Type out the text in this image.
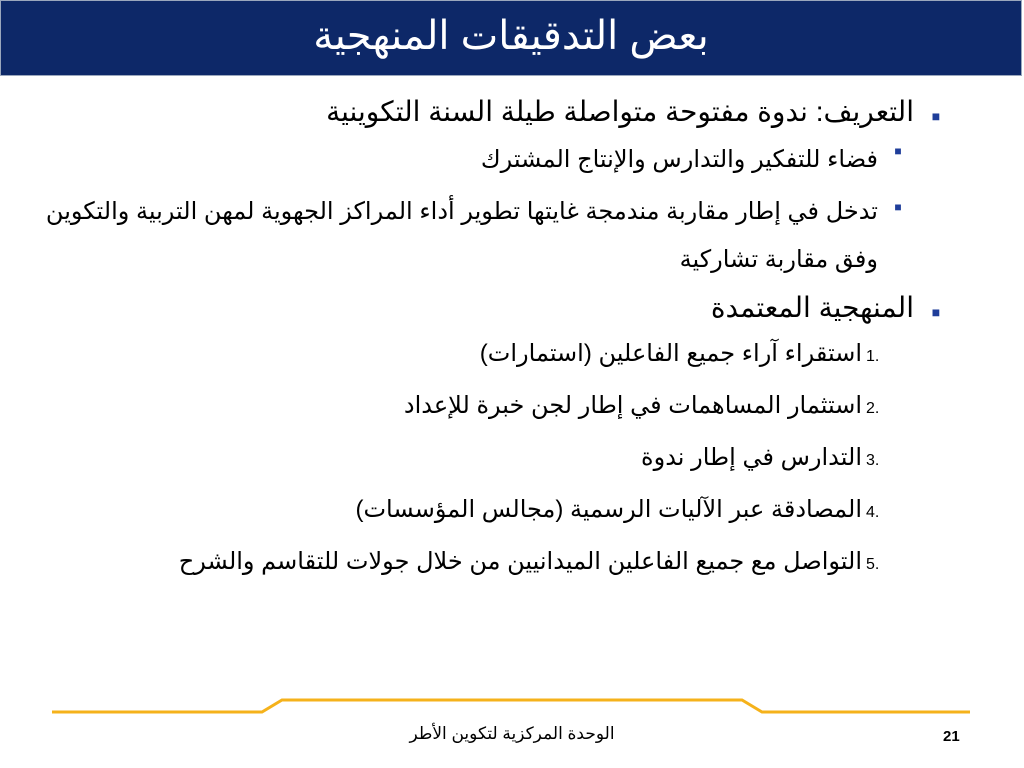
بعض التدقيقات المنهجية
■
التعريف: ندوة مفتوحة متواصلة طيلة السنة التكوينية
■
فضاء للتفكير والتدارس والإنتاج المشترك
■
تدخل في إطار مقاربة مندمجة غايتها تطوير أداء المراكز الجهوية لمهن التربية والتكوين وفق مقاربة تشاركية
■
المنهجية المعتمدة
1.
استقراء آراء جميع الفاعلين (استمارات)
2.
استثمار المساهمات في إطار لجن خبرة للإعداد
3.
التدارس في إطار ندوة
4.
المصادقة عبر الآليات الرسمية (مجالس المؤسسات)
5.
التواصل مع جميع الفاعلين الميدانيين من خلال جولات للتقاسم والشرح
الوحدة المركزية لتكوين الأطر	21
